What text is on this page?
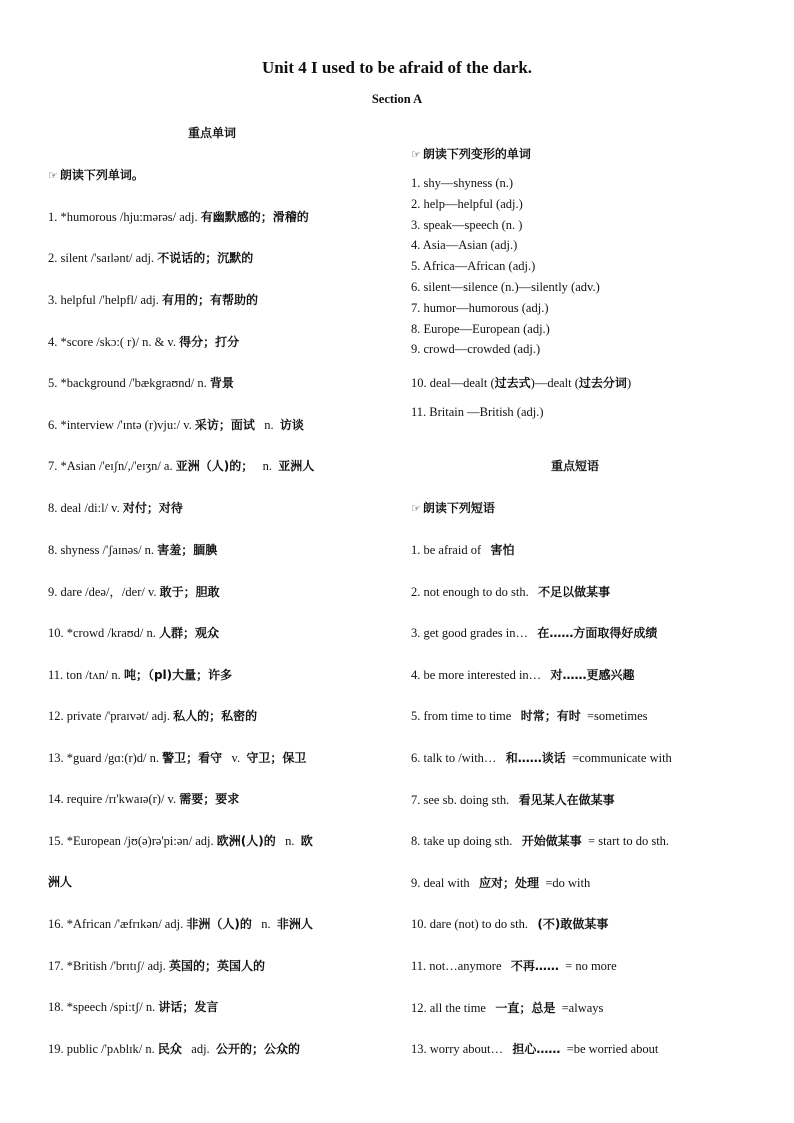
Unit 4 I used to be afraid of the dark.
Section A
重点单词
☞ 朗读下列单词。
1. *humorous /hju:mərəs/ adj. 有幽默感的；滑稽的
2. silent /'saɪlənt/ adj. 不说话的；沉默的
3. helpful /'helpfl/ adj. 有用的；有帮助的
4. *score /skɔ:( r)/ n. & v. 得分；打分
5. *background /'bækgraʊnd/ n. 背景
6. *interview /'ɪntə (r)vju:/ v. 采访；面试 n. 访谈
7. *Asian /'eɪʃn/,/'eɪʒn/ a. 亚洲（人)的； n. 亚洲人
8. deal /di:l/ v. 对付；对待
8. shyness /'ʃaɪnəs/ n. 害羞；腼腆
9. dare /deə/，/der/ v. 敢于；胆敢
10. *crowd /kraʊd/ n. 人群；观众
11. ton /tʌn/ n. 吨；（pl)大量；许多
12. private /'praɪvət/ adj. 私人的；私密的
13. *guard /gɑ:(r)d/ n. 警卫；看守 v. 守卫；保卫
14. require /rɪ'kwaɪə(r)/ v. 需要；要求
15. *European /jʊ(ə)rə'pi:ən/ adj. 欧洲(人)的 n. 欧
洲人
16. *African /'æfrɪkən/ adj. 非洲（人)的 n. 非洲人
17. *British /'brɪtɪʃ/ adj. 英国的；英国人的
18. *speech /spi:tʃ/ n. 讲话；发言
19. public /'pʌblɪk/ n. 民众 adj. 公开的；公众的
☞ 朗读下列变形的单词
1. shy—shyness (n.)
2. help—helpful (adj.)
3. speak—speech (n. )
4. Asia—Asian (adj.)
5. Africa—African (adj.)
6. silent—silence (n.)—silently (adv.)
7. humor—humorous (adj.)
8. Europe—European (adj.)
9. crowd—crowded (adj.)
10. deal—dealt (过去式)—dealt (过去分词)
11. Britain —British (adj.)
重点短语
☞ 朗读下列短语
1. be afraid of 害怕
2. not enough to do sth. 不足以做某事
3. get good grades in… 在……方面取得好成绩
4. be more interested in… 对……更感兴趣
5. from time to time 时常；有时 =sometimes
6. talk to /with… 和……谈话 =communicate with
7. see sb. doing sth. 看见某人在做某事
8. take up doing sth. 开始做某事 = start to do sth.
9. deal with 应对；处理 =do with
10. dare (not) to do sth. (不)敢做某事
11. not…anymore 不再…… = no more
12. all the time 一直；总是 =always
13. worry about… 担心…… =be worried about
